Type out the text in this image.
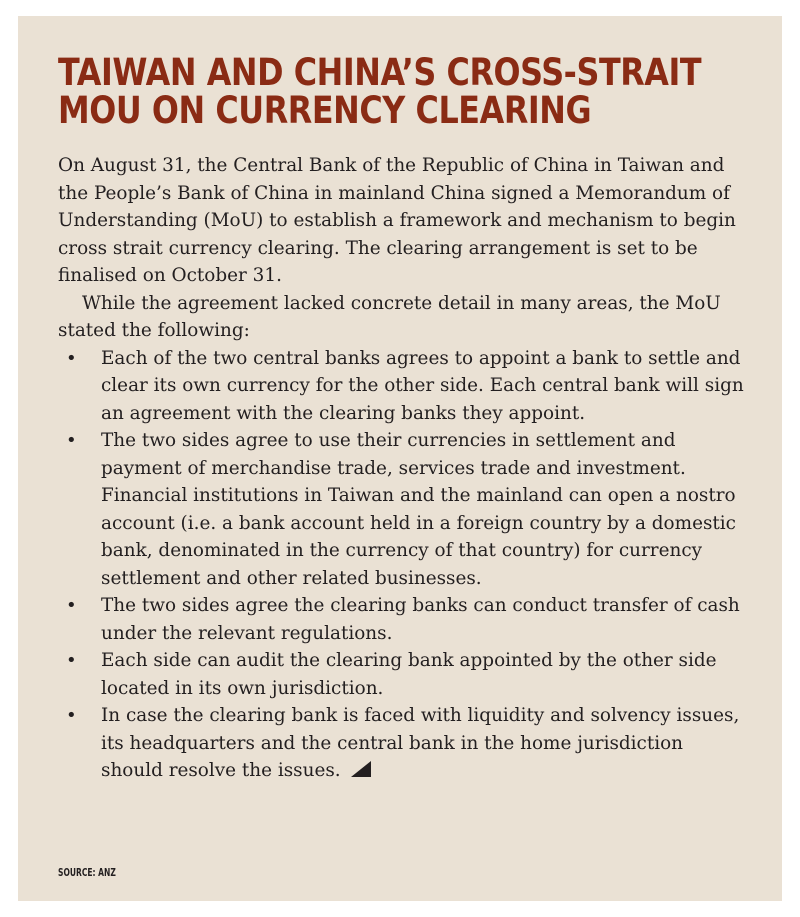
TAIWAN AND CHINA’S CROSS-STRAIT
MOU ON CURRENCY CLEARING

On August 31, the Central Bank of the Republic of China in Taiwan and the People’s Bank of China in mainland China signed a Memorandum of Understanding (MoU) to establish a framework and mechanism to begin cross strait currency clearing. The clearing arrangement is set to be finalised on October 31.

While the agreement lacked concrete detail in many areas, the MoU stated the following:

• Each of the two central banks agrees to appoint a bank to settle and clear its own currency for the other side. Each central bank will sign an agreement with the clearing banks they appoint.
• The two sides agree to use their currencies in settlement and payment of merchandise trade, services trade and investment. Financial institutions in Taiwan and the mainland can open a nostro account (i.e. a bank account held in a foreign country by a domestic bank, denominated in the currency of that country) for currency settlement and other related businesses.
• The two sides agree the clearing banks can conduct transfer of cash under the relevant regulations.
• Each side can audit the clearing bank appointed by the other side located in its own jurisdiction.
• In case the clearing bank is faced with liquidity and solvency issues, its headquarters and the central bank in the home jurisdiction should resolve the issues.
SOURCE: ANZ
